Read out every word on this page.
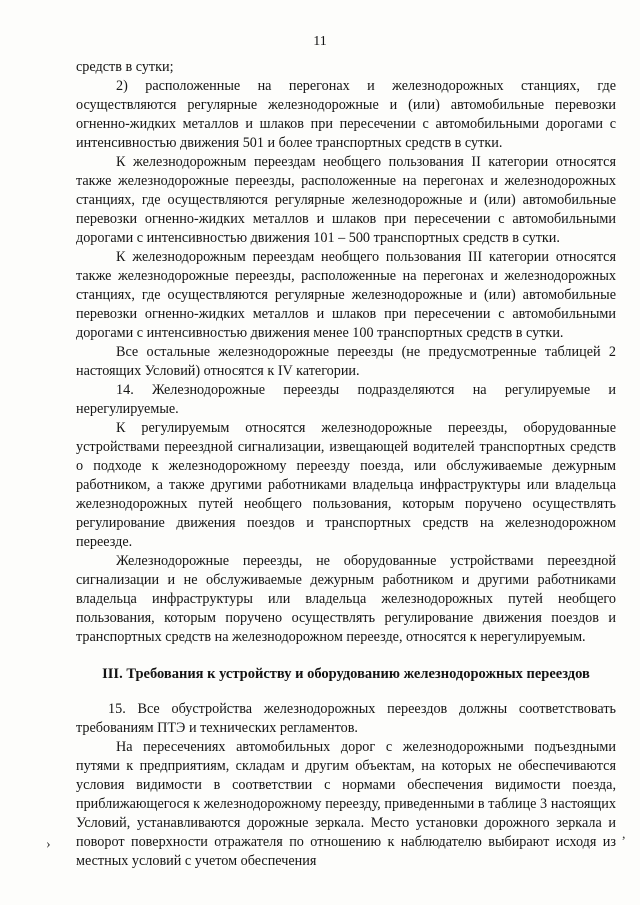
11

средств в сутки;

2) расположенные на перегонах и железнодорожных станциях, где осуществляются регулярные железнодорожные и (или) автомобильные перевозки огненно-жидких металлов и шлаков при пересечении с автомобильными дорогами с интенсивностью движения 501 и более транспортных средств в сутки.

К железнодорожным переездам необщего пользования II категории относятся также железнодорожные переезды, расположенные на перегонах и железнодорожных станциях, где осуществляются регулярные железнодорожные и (или) автомобильные перевозки огненно-жидких металлов и шлаков при пересечении с автомобильными дорогами с интенсивностью движения 101 – 500 транспортных средств в сутки.

К железнодорожным переездам необщего пользования III категории относятся также железнодорожные переезды, расположенные на перегонах и железнодорожных станциях, где осуществляются регулярные железнодорожные и (или) автомобильные перевозки огненно-жидких металлов и шлаков при пересечении с автомобильными дорогами с интенсивностью движения менее 100 транспортных средств в сутки.

Все остальные железнодорожные переезды (не предусмотренные таблицей 2 настоящих Условий) относятся к IV категории.

14. Железнодорожные переезды подразделяются на регулируемые и нерегулируемые.

К регулируемым относятся железнодорожные переезды, оборудованные устройствами переездной сигнализации, извещающей водителей транспортных средств о подходе к железнодорожному переезду поезда, или обслуживаемые дежурным работником, а также другими работниками владельца инфраструктуры или владельца железнодорожных путей необщего пользования, которым поручено осуществлять регулирование движения поездов и транспортных средств на железнодорожном переезде.

Железнодорожные переезды, не оборудованные устройствами переездной сигнализации и не обслуживаемые дежурным работником и другими работниками владельца инфраструктуры или владельца железнодорожных путей необщего пользования, которым поручено осуществлять регулирование движения поездов и транспортных средств на железнодорожном переезде, относятся к нерегулируемым.

III. Требования к устройству и оборудованию железнодорожных переездов

15. Все обустройства железнодорожных переездов должны соответствовать требованиям ПТЭ и технических регламентов.

На пересечениях автомобильных дорог с железнодорожными подъездными путями к предприятиям, складам и другим объектам, на которых не обеспечиваются условия видимости в соответствии с нормами обеспечения видимости поезда, приближающегося к железнодорожному переезду, приведенными в таблице 3 настоящих Условий, устанавливаются дорожные зеркала. Место установки дорожного зеркала и поворот поверхности отражателя по отношению к наблюдателю выбирают исходя из местных условий с учетом обеспечения

›
,
